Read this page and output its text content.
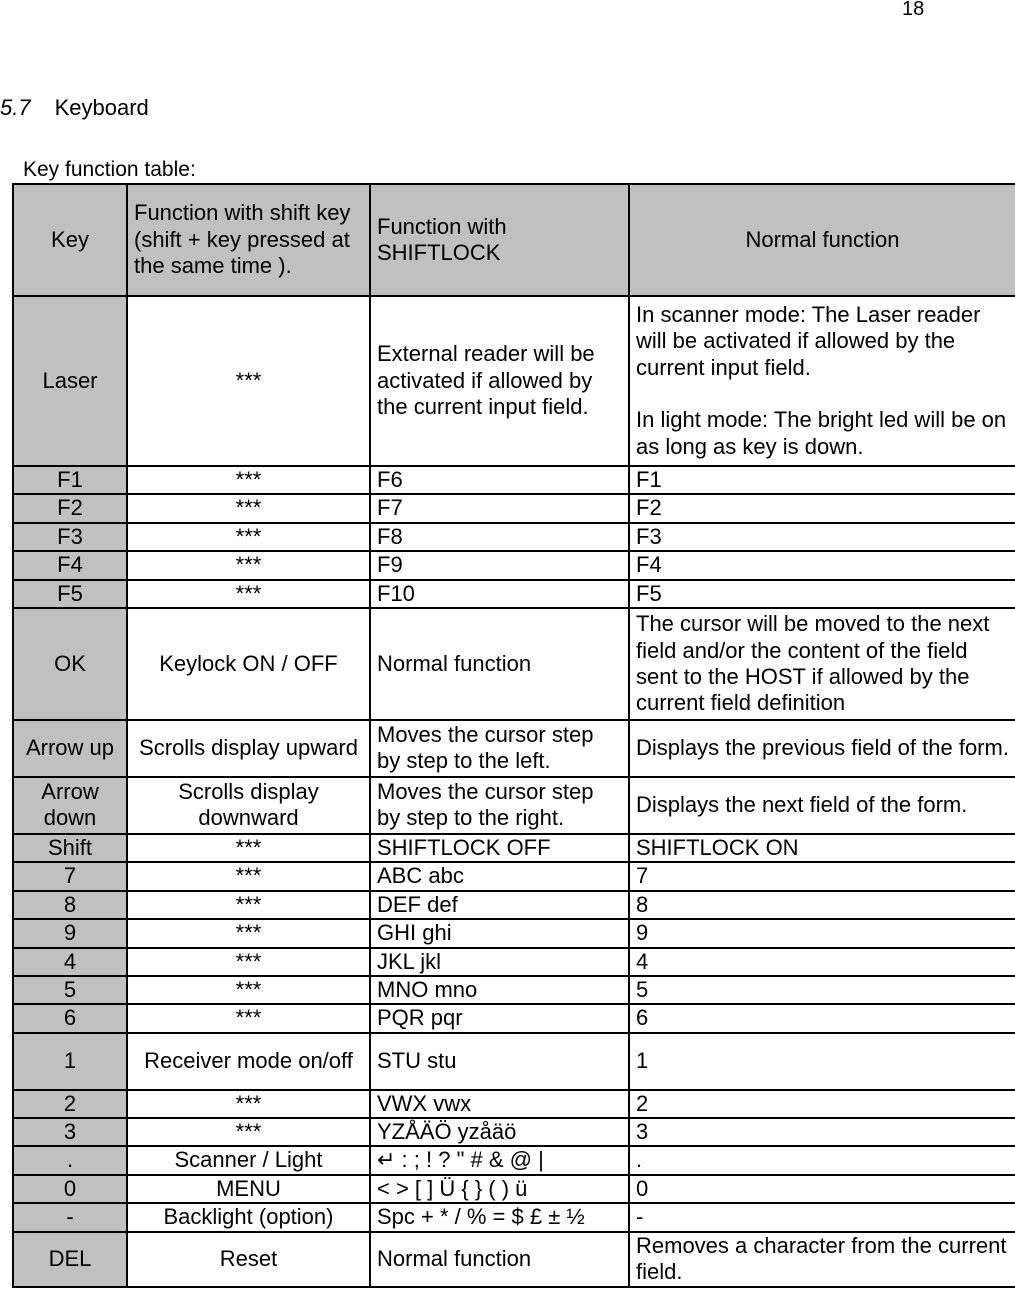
18
5.7 Keyboard
Key function table:
Key	Function with shift key (shift + key pressed at the same time ).	Function with SHIFTLOCK	Normal function
Laser	***	External reader will be activated if allowed by the current input field.	In scanner mode: The Laser reader will be activated if allowed by the current input field.

In light mode: The bright led will be on as long as key is down.
F1	***	F6	F1
F2	***	F7	F2
F3	***	F8	F3
F4	***	F9	F4
F5	***	F10	F5
OK	Keylock ON / OFF	Normal function	The cursor will be moved to the next field and/or the content of the field sent to the HOST if allowed by the current field definition
Arrow up	Scrolls display upward	Moves the cursor step by step to the left.	Displays the previous field of the form.
Arrow down	Scrolls display downward	Moves the cursor step by step to the right.	Displays the next field of the form.
Shift	***	SHIFTLOCK OFF	SHIFTLOCK ON
7	***	ABC abc	7
8	***	DEF def	8
9	***	GHI ghi	9
4	***	JKL jkl	4
5	***	MNO mno	5
6	***	PQR pqr	6
1	Receiver mode on/off	STU stu	1
2	***	VWX vwx	2
3	***	YZÅÄÖ yzåäö	3
.	Scanner / Light	↵ : ; ! ? " # & @ |	.
0	MENU	< > [ ] Ü { } ( ) ü	0
-	Backlight (option)	Spc + * / % = $ £ ± ½	-
DEL	Reset	Normal function	Removes a character from the current field.
